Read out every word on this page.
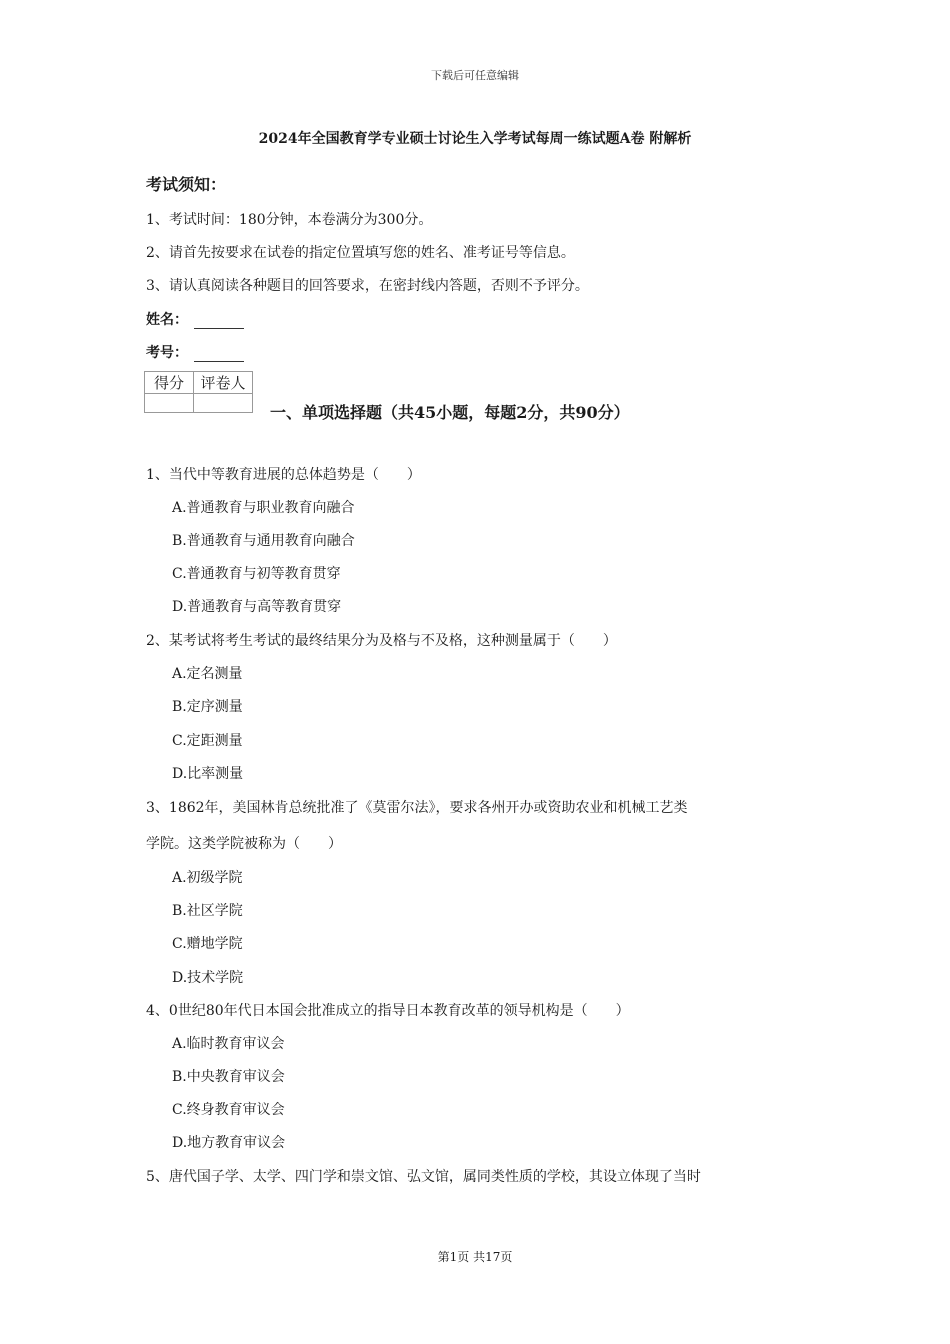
下载后可任意编辑
2024年全国教育学专业硕士讨论生入学考试每周一练试题A卷 附解析
考试须知：
1、考试时间：180分钟，本卷满分为300分。
2、请首先按要求在试卷的指定位置填写您的姓名、准考证号等信息。
3、请认真阅读各种题目的回答要求，在密封线内答题，否则不予评分。
姓名：
考号：
得分	评卷人

一、单项选择题（共45小题，每题2分，共90分）
1、当代中等教育进展的总体趋势是（　　）
A.普通教育与职业教育向融合
B.普通教育与通用教育向融合
C.普通教育与初等教育贯穿
D.普通教育与高等教育贯穿
2、某考试将考生考试的最终结果分为及格与不及格，这种测量属于（　　）
A.定名测量
B.定序测量
C.定距测量
D.比率测量
3、1862年，美国林肯总统批准了《莫雷尔法》，要求各州开办或资助农业和机械工艺类
学院。这类学院被称为（　　）
A.初级学院
B.社区学院
C.赠地学院
D.技术学院
4、0世纪80年代日本国会批准成立的指导日本教育改革的领导机构是（　　）
A.临时教育审议会
B.中央教育审议会
C.终身教育审议会
D.地方教育审议会
5、唐代国子学、太学、四门学和崇文馆、弘文馆，属同类性质的学校，其设立体现了当时
第1页 共17页
